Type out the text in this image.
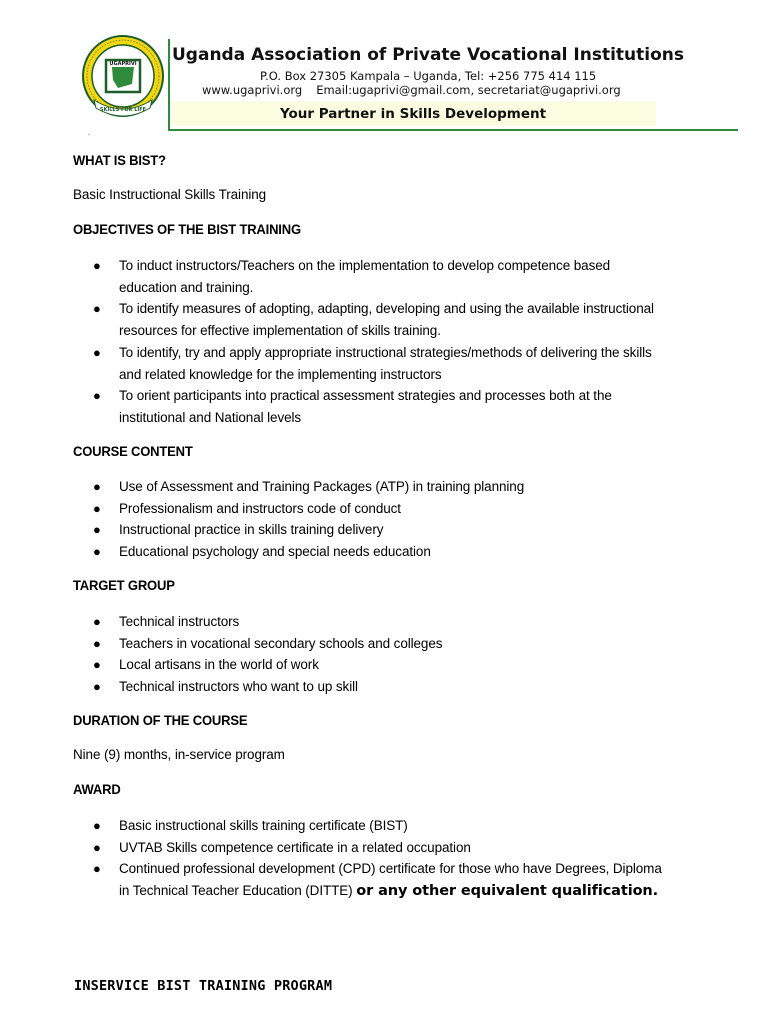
UGAPRIVI
SKILLS FOR LIFE
Uganda Association of Private Vocational Institutions
P.O. Box 27305 Kampala – Uganda, Tel: +256 775 414 115
www.ugaprivi.org Email:ugaprivi@gmail.com, secretariat@ugaprivi.org
Your Partner in Skills Development
.
WHAT IS BIST?
Basic Instructional Skills Training
OBJECTIVES OF THE BIST TRAINING
● To induct instructors/Teachers on the implementation to develop competence based
education and training.
● To identify measures of adopting, adapting, developing and using the available instructional
resources for effective implementation of skills training.
● To identify, try and apply appropriate instructional strategies/methods of delivering the skills
and related knowledge for the implementing instructors
● To orient participants into practical assessment strategies and processes both at the
institutional and National levels
COURSE CONTENT
● Use of Assessment and Training Packages (ATP) in training planning
● Professionalism and instructors code of conduct
● Instructional practice in skills training delivery
● Educational psychology and special needs education
TARGET GROUP
● Technical instructors
● Teachers in vocational secondary schools and colleges
● Local artisans in the world of work
● Technical instructors who want to up skill
DURATION OF THE COURSE
Nine (9) months, in-service program
AWARD
● Basic instructional skills training certificate (BIST)
● UVTAB Skills competence certificate in a related occupation
● Continued professional development (CPD) certificate for those who have Degrees, Diploma
in Technical Teacher Education (DITTE) or any other equivalent qualification.
INSERVICE BIST TRAINING PROGRAM
